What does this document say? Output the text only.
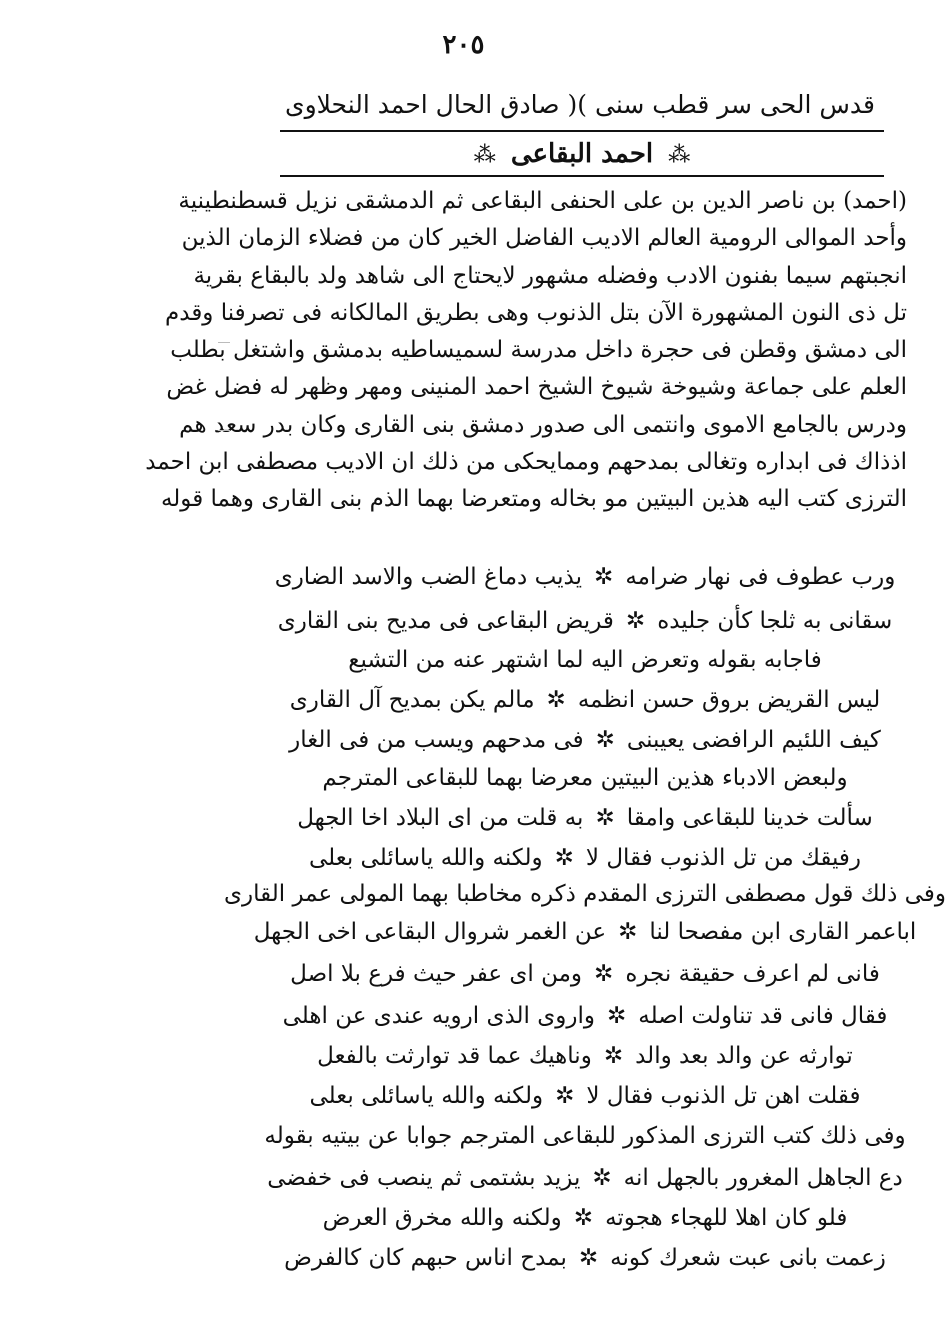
٢٠٥
قدس الحى سر قطب سنى )(
صادق الحال احمد النحلاوى
⁂ احمد البقاعى ⁂
(احمد) بن ناصر الدين بن على الحنفى البقاعى ثم الدمشقى نزيل قسطنطينية
وأحد الموالى الرومية العالم الاديب الفاضل الخير كان من فضلاء الزمان الذين
انجبتهم سيما بفنون الادب وفضله مشهور لايحتاج الى شاهد ولد بالبقاع بقرية
تل ذى النون المشهورة الآن بتل الذنوب وهى بطريق المالكانه فى تصرفنا وقدم
الى دمشق وقطن فى حجرة داخل مدرسة لسميساطيه بدمشق واشتغل بطلب
العلم على جماعة وشيوخة شيوخ الشيخ احمد المنينى ومهر وظهر له فضل غض
ودرس بالجامع الاموى وانتمى الى صدور دمشق بنى القارى وكان بدر سعد هم
اذذاك فى ابداره وتغالى بمدحهم وممايحكى من ذلك ان الاديب مصطفى ابن احمد
الترزى كتب اليه هذين البيتين مو بخاله ومتعرضا بهما الذم بنى القارى وهما قوله
ورب عطوف فى نهار ضرامه
✲
يذيب دماغ الضب والاسد الضارى
سقانى به ثلجا كأن جليده
✲
قريض البقاعى فى مديح بنى القارى
فاجابه بقوله وتعرض اليه لما اشتهر عنه من التشيع
ليس القريض بروق حسن انظمه
✲
مالم يكن بمديح آل القارى
كيف اللئيم الرافضى يعيبنى
✲
فى مدحهم ويسب من فى الغار
ولبعض الادباء هذين البيتين معرضا بهما للبقاعى المترجم
سألت خدينا للبقاعى وامقا
✲
به قلت من اى البلاد اخا الجهل
رفيقك من تل الذنوب فقال لا
✲
ولكنه والله ياسائلى بعلى
وفى ذلك قول مصطفى الترزى المقدم ذكره مخاطبا بهما المولى عمر القارى
اباعمر القارى ابن مفصحا لنا
✲
عن الغمر شروال البقاعى اخى الجهل
فانى لم اعرف حقيقة نجره
✲
ومن اى عفر حيث فرع بلا اصل
فقال فانى قد تناولت اصله
✲
واروى الذى ارويه عندى عن اهلى
توارثه عن والد بعد والد
✲
وناهيك عما قد توارثت بالفعل
فقلت اهن تل الذنوب فقال لا
✲
ولكنه والله ياسائلى بعلى
وفى ذلك كتب الترزى المذكور للبقاعى المترجم جوابا عن بيتيه بقوله
دع الجاهل المغرور بالجهل انه
✲
يزيد بشتمى ثم ينصب فى خفضى
فلو كان اهلا للهجاء هجوته
✲
ولكنه والله مخرق العرض
زعمت بانى عبت شعرك كونه
✲
بمدح اناس حبهم كان كالفرض
